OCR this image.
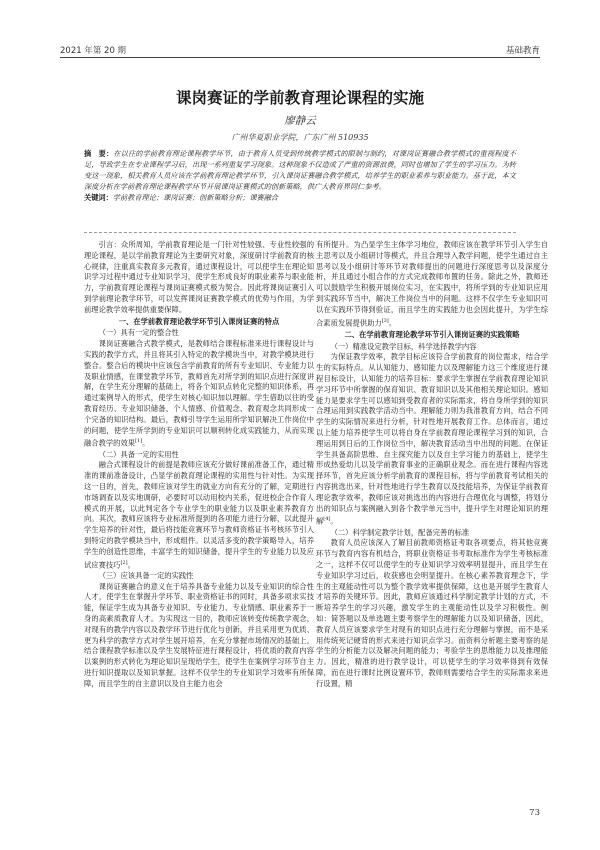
2021 年第 20 期	基础教育
课岗赛证的学前教育理论课程的实施
廖静云
广州华夏职业学院，广东广州 510935
摘　要：在以往的学前教育理论课程教学环节，由于教育人员受到传统教学模式的限制与制约，对课岗证赛融合教学模式的重视程度不足，导致学生在专业课程学习后，出现一系列重复学习现象。这种现象不仅造成了严重的资源浪费，同时也增加了学生的学习压力。为转变这一现象，相关教育人员应该在学前教育理论教学环节，引入课岗证赛融合教学模式，培养学生的职业素养与职业能力。基于此，本文深度分析在学前教育理论课程教学环节开展课岗证赛模式的创新策略，供广大教育界同仁参考。
关键词：学前教育理论；课岗证赛；创新策略分析；课赛融合

引言：众所周知，学前教育理论是一门针对性较强、专业性较强的理论课程，是以学前教育理论为主要研究对象，深度研讨学前教育的核心规律，注重真实教育多元教育，通过课程设计，可以使学生在理论知识学习过程中通过专业知识学习，使学生形成良好的职业素养与职业能力，学前教育理论课程与课岗证赛模式极为契合。因此将课岗证赛引入到学前理论教学环节，可以发挥课岗证赛教学模式的优势与作用，为学前理论教学效率提供重要保障。

一、在学前教育理论教学环节引入课岗证赛的特点

（一）具有一定的整合性

课岗证赛融合式教学模式，是教师结合课程标准来进行课程设计与实践的教学方式，并且将其引入特定的教学模块当中，对教学模块进行整合。整合后的模块中应该包含学前教育的所有专业知识、专业能力以及职业情感，在课堂教学环节，教师首先对所学到的知识点进行深度讲解，在学生充分理解的基础上，将各个知识点转化完整的知识体系，再通过案例导入的形式，使学生对核心知识加以理解。学生借助以往的受教育经历、专业知识储备、个人情感、价值观念、教育观念共同形成一个完备的知识结构。最后，教师引导学生运用所学知识解决工作岗位中的问题，使学生所学到的专业知识可以顺利转化成实践能力，从而实现融合教学的效果[1]。

（二）具备一定的实用性

融合式课程设计的前提是教师应该充分做好课前准备工作，通过精准的课前准备设计，凸显学前教育理论课程的实用性与针对性。为实现这一目的，首先，教师应该对学生的就业方向有充分的了解，定期进行市场调查以及实地调研，必要时可以动用校内关系，促进校企合作育人模式的开展，以此判定各个专业学生的职业能力以及职业素养教育方向。其次，教师应该将专业标准所提到的各项能力进行分解，以此提升学生培养的针对性，最后将技能竞赛环节与教师资格证书考核环节引入到特定的教学模块当中，形成组件。以灵活多变的教学策略导入，培养学生的创造性思维，丰富学生的知识储备，提升学生的专业能力以及应试应赛技巧[2]。

（三）应该具备一定的实践性

课岗证赛融合的意义在于培养具备专业能力以及专业知识的综合性人才，使学生在掌握升学环节、职业资格证书的同时，具备多项求实技能，保证学生成为具备专业知识、专业能力、专业情感、职业素养于一身的高素质教育人才。为实现这一目的，教师应该转变传统教学观念，对现有的教学内容以及教学环节进行优化与创新，并且采用更为优质、更为科学的教学方式对学生展开培养，在充分掌握市场情况的基础上，结合课程教学标准以及学生发展特征进行课程设计，将优质的教育内容以案例的形式转化为理论知识呈现给学生，使学生在案例学习环节自主进行知识提取以及知识掌握。这样不仅学生的专业知识学习效率有所保障，而且学生的自主意识以及自主能力也会

有所提升。为凸显学生主体学习地位，教师应该在教学环节引入学生自主思考以及小组研讨等模式，并且合理导入教学问题，使学生通过自主思考以及小组研讨等环节对教师提出的问题进行深度思考以及深度分析，并且通过小组合作的方式完成教师布置的任务。除此之外，教师还可以鼓励学生积极开展岗位实习，在实践中，将所学到的专业知识应用到实践环节当中，解决工作岗位当中的问题。这样不仅学生专业知识可以在实践环节得到验证，而且学生的实践能力也会因此提升，为学生综合素质发展提供助力[3]。

二、在学前教育理论教学环节引入课岗证赛的实践策略

（一）精准设定教学目标，科学选择教学内容

为保证教学效率，教学目标应该符合学前教育的岗位需求，结合学生的实际特点。从认知能力、感知能力以及理解能力这三个维度进行课程目标设计，认知能力的培养目标：要求学生掌握在学前教育理论知识学习环节中所掌握的保育知识、教育知识以及其他相关理论知识。感知能力是要求学生可以感知到受教育者的实际需求，将自身所学到的知识合理运用到实践教学活动当中。理解能力则为我准教育方向，结合不同学生的实际情况来进行分析，针对性地开展教育工作。总体而言，通过以上能力培养使学生可以将自身在学前教育理论课程学习到的知识，合理运用到日后的工作岗位当中，解决教育活动当中出现的问题。在保证学生具备高阶思维、自主探究能力以及自主学习能力的基础上，使学生形成热爱幼儿以及学前教育事业的正确职业观念。而在进行课程内容选择环节，首先应该分析学前教育的课程目标，将与学前教育考试相关的内容挑选出来，针对性地进行学生教育以及技能培养，为保证学前教育理论教学效率，教师应该对挑选出的内容进行合理优化与调整，将划分出的知识点与案例融入到各个教学单元当中，提升学生对理论知识的理解[4]。

（二）科学制定教学计划，配备完善的标准

教育人员应该深入了解目前教师资格证考取各项要点，将其他竞赛环节与教育内容有机结合，将职业资格证书考取标准作为学生考核标准之一，这样不仅可以使学生的专业知识学习效率明显提升，而且学生在专业知识学习过后，收获感也会明显提升。在核心素养教育理念下，学生的主观能动性可以为整个教学效率提供保障，这也是开展学生教育人才培养的关键环节。因此，教师应该通过科学制定教学计划的方式，不断培养学生的学习兴趣，激发学生的主观能动性以及学习积极性。例如：简答题以及单选题主要考察学生的理解能力以及知识储备，因此，教育人员应该要求学生对现有的知识点进行充分理解与掌握，而不是采用传统死记硬背的形式来进行知识点学习。而资料分析题主要考察的是学生的分析能力以及解决问题的能力；考验学生的思维能力以及推理能力。因此，精准的进行教学设计，可以使学生的学习效率得到有效保障，而在进行课时比例设置环节，教师则需要结合学生的实际需求来进行设置，精

73
